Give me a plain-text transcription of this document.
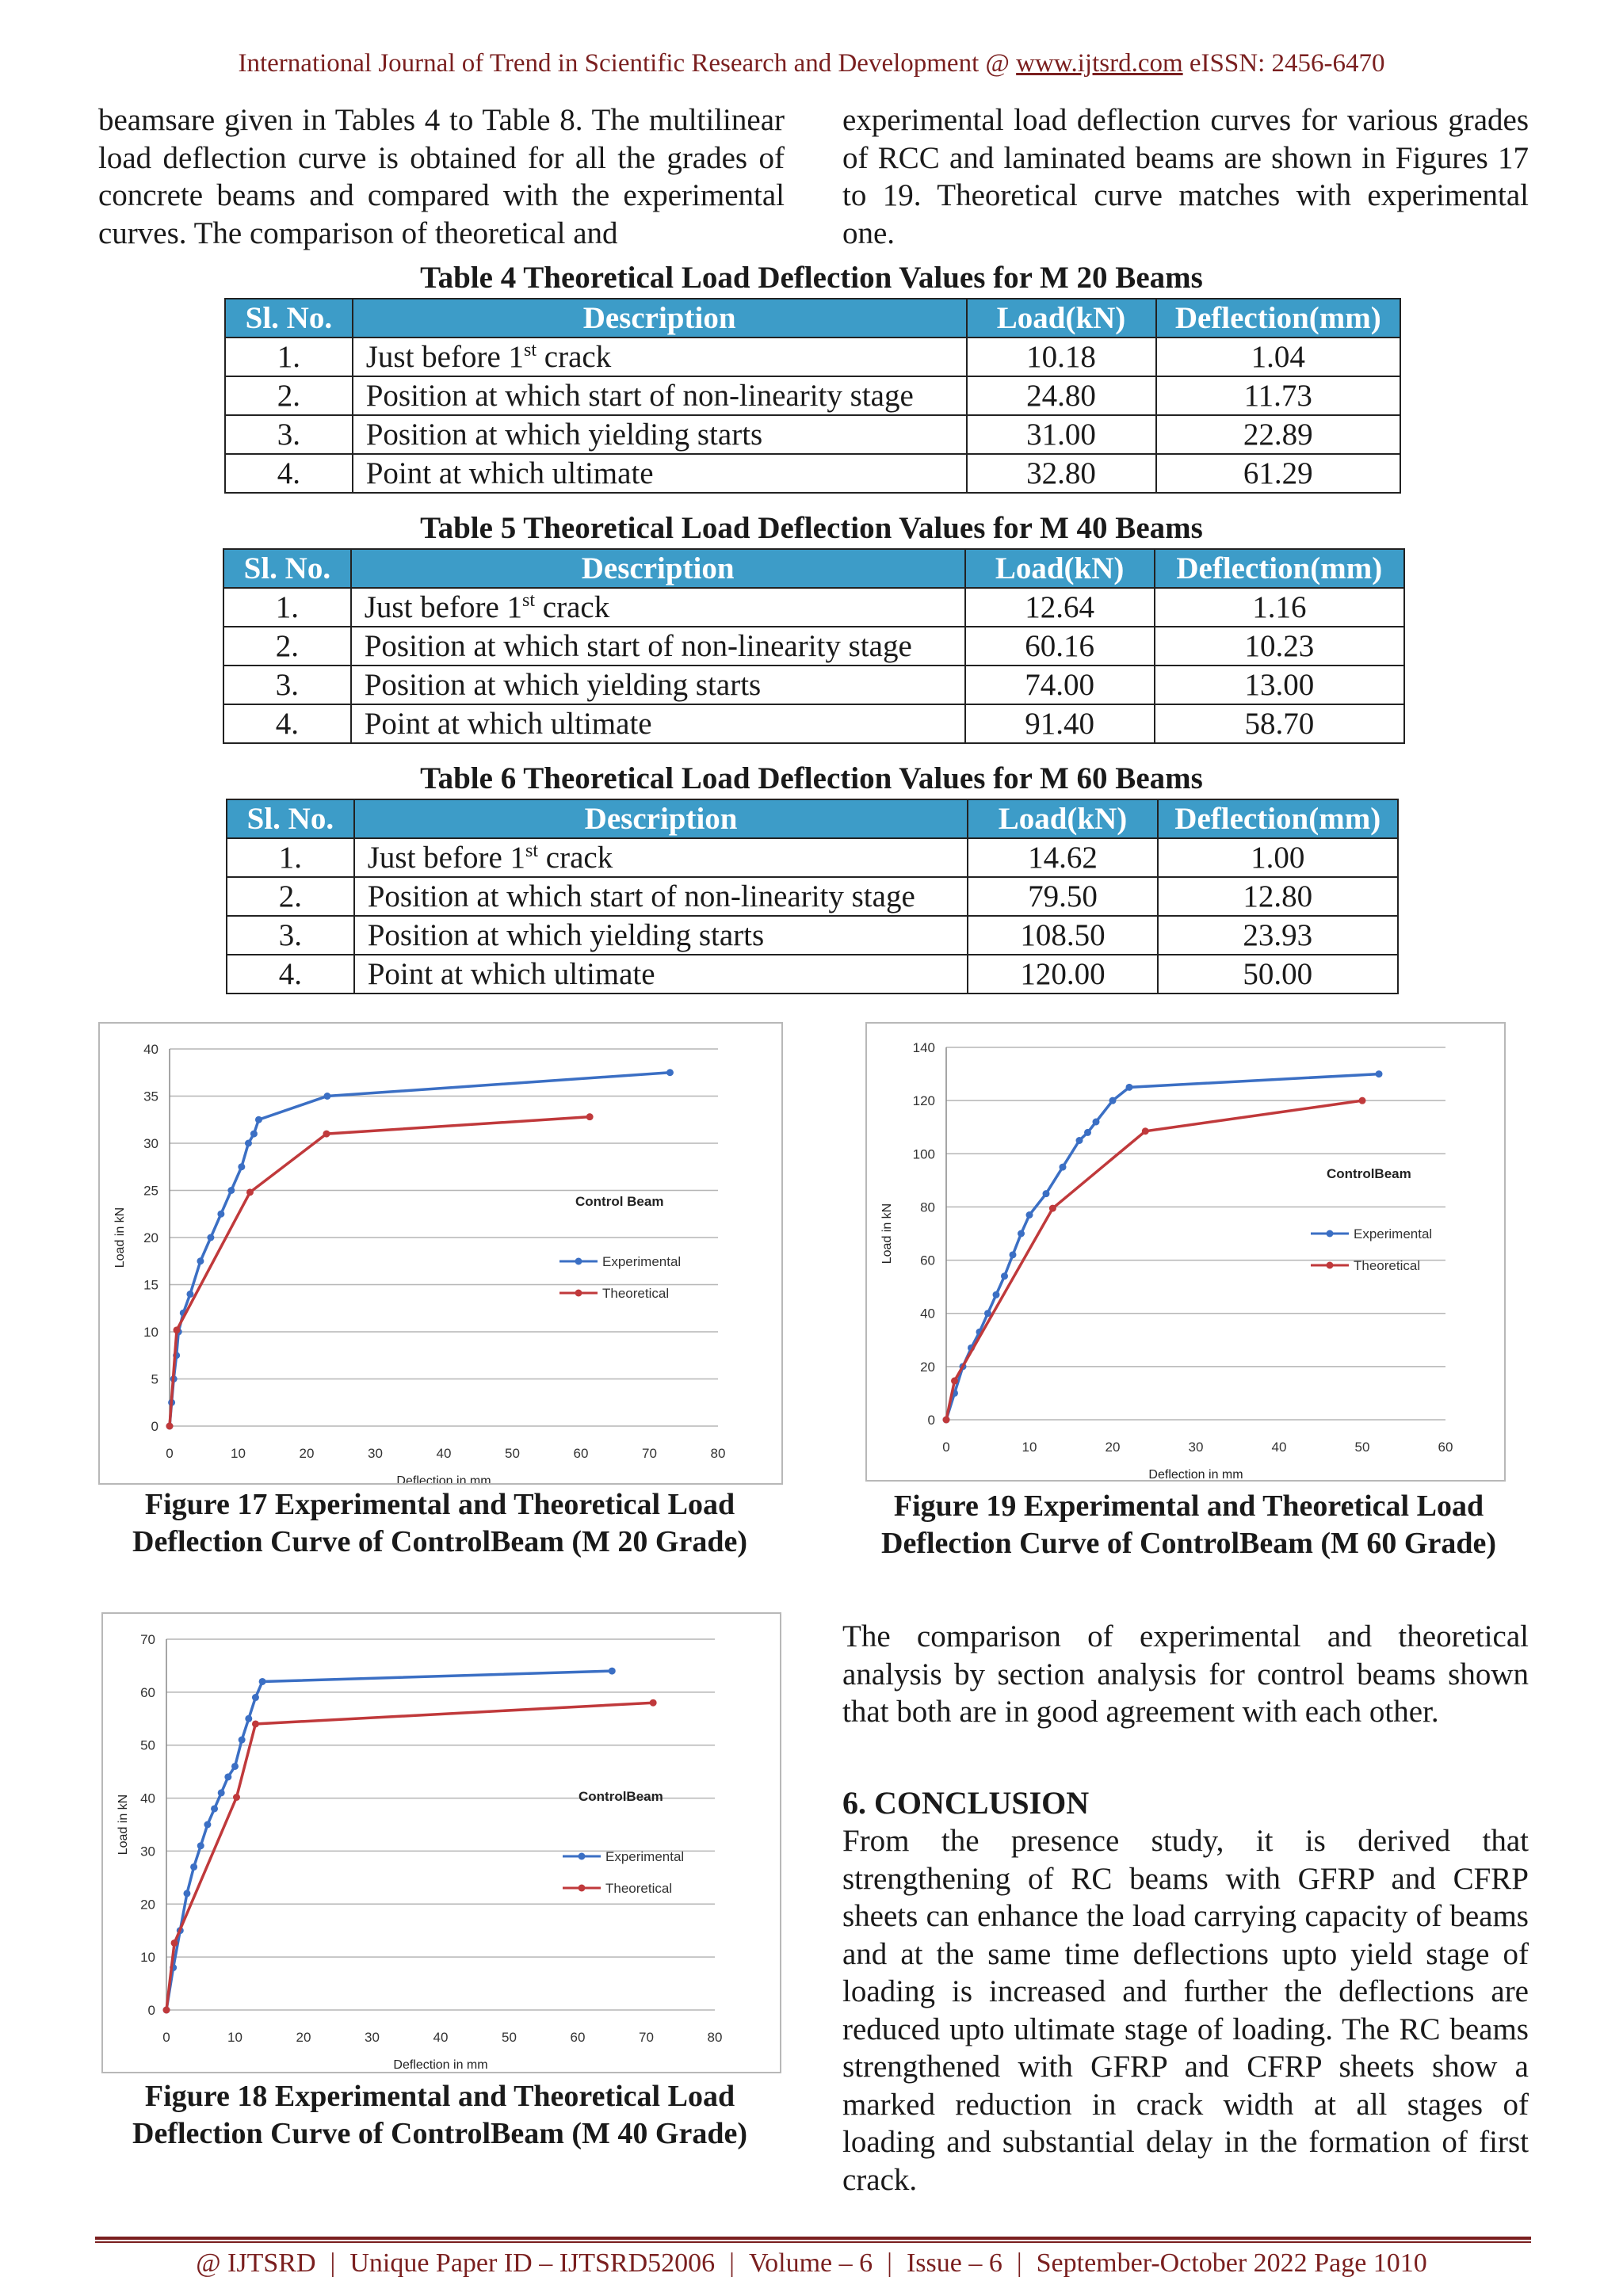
International Journal of Trend in Scientific Research and Development @ www.ijtsrd.com eISSN: 2456-6470
beamsare given in Tables 4 to Table 8. The multilinear load deflection curve is obtained for all the grades of concrete beams and compared with the experimental curves. The comparison of theoretical and
experimental load deflection curves for various grades of RCC and laminated beams are shown in Figures 17 to 19. Theoretical curve matches with experimental one.
Table 4 Theoretical Load Deflection Values for M 20 Beams
Sl. No.	Description	Load(kN)	Deflection(mm)
1.	Just before 1st crack	10.18	1.04
2.	Position at which start of non-linearity stage	24.80	11.73
3.	Position at which yielding starts	31.00	22.89
4.	Point at which ultimate	32.80	61.29
Table 5 Theoretical Load Deflection Values for M 40 Beams
Sl. No.	Description	Load(kN)	Deflection(mm)
1.	Just before 1st crack	12.64	1.16
2.	Position at which start of non-linearity stage	60.16	10.23
3.	Position at which yielding starts	74.00	13.00
4.	Point at which ultimate	91.40	58.70
Table 6 Theoretical Load Deflection Values for M 60 Beams
Sl. No.	Description	Load(kN)	Deflection(mm)
1.	Just before 1st crack	14.62	1.00
2.	Position at which start of non-linearity stage	79.50	12.80
3.	Position at which yielding starts	108.50	23.93
4.	Point at which ultimate	120.00	50.00
0
5
10
15
20
25
30
35
40
0	10	20	30	40	50	60	70	80
Deflection in mm
Load in kN
Control Beam
Experimental
Theoretical
0
20
40
60
80
100
120
140
0	10	20	30	40	50	60
Deflection in mm
Load in kN
ControlBeam
Experimental
Theoretical
0
10
20
30
40
50
60
70
0	10	20	30	40	50	60	70	80
Deflection in mm
Load in kN	ControlBeam
Experimental
Theoretical
Figure 17 Experimental and Theoretical Load Deflection Curve of ControlBeam (M 20 Grade)
Figure 19 Experimental and Theoretical Load Deflection Curve of ControlBeam (M 60 Grade)
Figure 18 Experimental and Theoretical Load Deflection Curve of ControlBeam (M 40 Grade)
The comparison of experimental and theoretical analysis by section analysis for control beams shown that both are in good agreement with each other.
6. CONCLUSION
From the presence study, it is derived that strengthening of RC beams with GFRP and CFRP sheets can enhance the load carrying capacity of beams and at the same time deflections upto yield stage of loading is increased and further the deflections are reduced upto ultimate stage of loading. The RC beams strengthened with GFRP and CFRP sheets show a marked reduction in crack width at all stages of loading and substantial delay in the formation of first crack.
@ IJTSRD | Unique Paper ID – IJTSRD52006 | Volume – 6 | Issue – 6 | September-October 2022 Page 1010
